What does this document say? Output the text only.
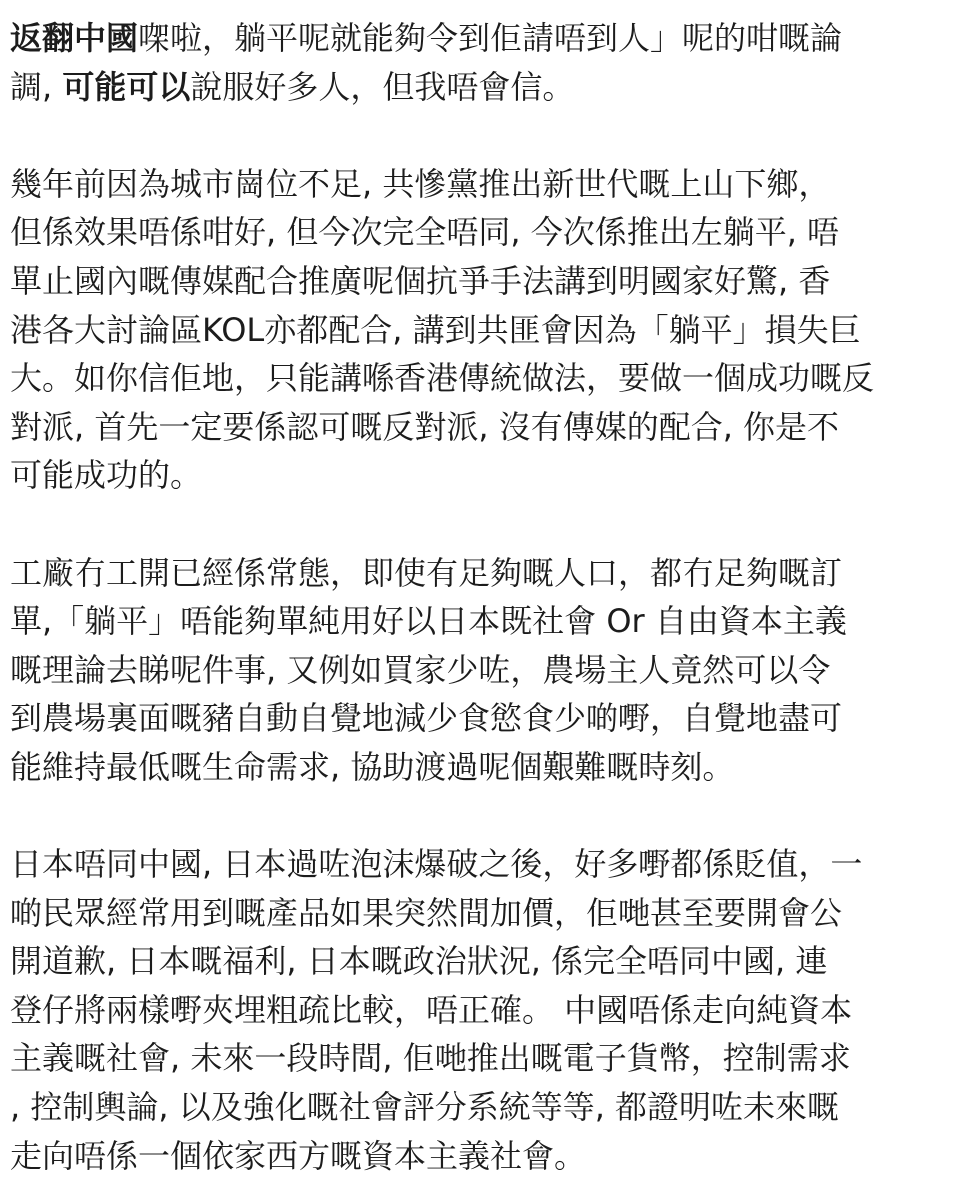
返翻中國㗎啦，躺平呢就能夠令到佢請唔到人」呢的咁嘅論
調, 可能可以說服好多人，但我唔會信。
幾年前因為城市崗位不足, 共慘黨推出新世代嘅上山下鄉，
但係效果唔係咁好, 但今次完全唔同, 今次係推出左躺平, 唔
單止國內嘅傳媒配合推廣呢個抗爭手法講到明國家好驚, 香
港各大討論區KOL亦都配合, 講到共匪會因為「躺平」損失巨
大。如你信佢地，只能講喺香港傳統做法，要做一個成功嘅反
對派, 首先一定要係認可嘅反對派, 沒有傳媒的配合, 你是不
可能成功的。
工廠冇工開已經係常態，即使有足夠嘅人口，都冇足夠嘅訂
單,「躺平」唔能夠單純用好以日本既社會 Or 自由資本主義
嘅理論去睇呢件事, 又例如買家少咗，農場主人竟然可以令
到農場裏面嘅豬自動自覺地減少食慾食少啲嘢，自覺地盡可
能維持最低嘅生命需求, 協助渡過呢個艱難嘅時刻。
日本唔同中國, 日本過咗泡沫爆破之後，好多嘢都係貶值，一
啲民眾經常用到嘅產品如果突然間加價，佢哋甚至要開會公
開道歉, 日本嘅福利, 日本嘅政治狀況, 係完全唔同中國, 連
登仔將兩樣嘢夾埋粗疏比較，唔正確。 中國唔係走向純資本
主義嘅社會, 未來一段時間, 佢哋推出嘅電子貨幣，控制需求
, 控制輿論, 以及強化嘅社會評分系統等等, 都證明咗未來嘅
走向唔係一個依家西方嘅資本主義社會。
